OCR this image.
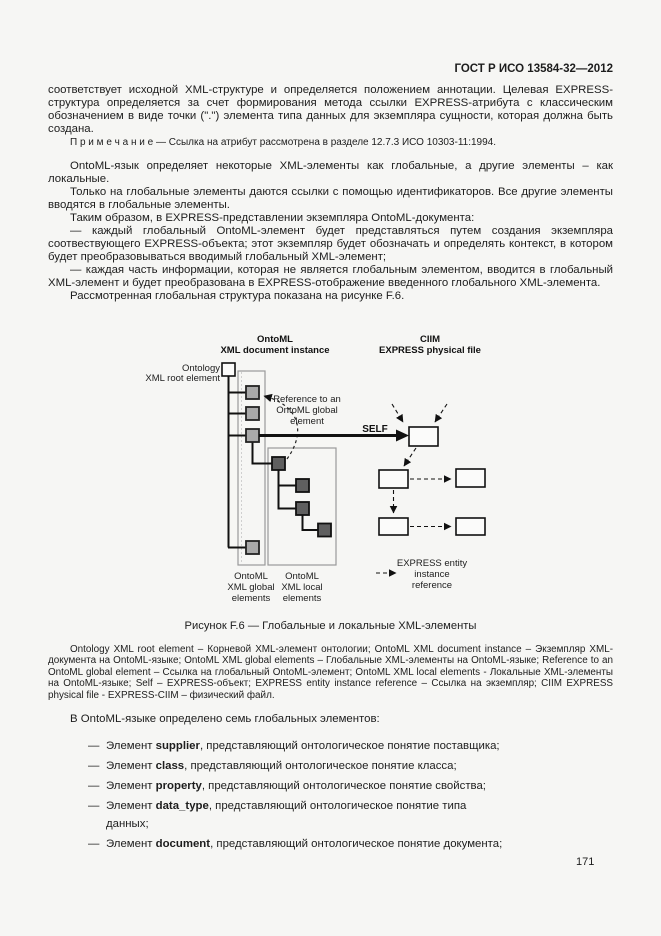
ГОСТ Р ИСО 13584-32—2012

соответствует исходной XML-структуре и определяется положением аннотации. Целевая EXPRESS-структура определяется за счет формирования метода ссылки EXPRESS-атрибута с классическим обозначением в виде точки (".") элемента типа данных для экземпляра сущности, которая должна быть создана.

П р и м е ч а н и е — Ссылка на атрибут рассмотрена в разделе 12.7.3 ИСО 10303-11:1994.

OntoML-язык определяет некоторые XML-элементы как глобальные, а другие элементы – как локальные.

Только на глобальные элементы даются ссылки с помощью идентификаторов. Все другие элементы вводятся в глобальные элементы.

Таким образом, в EXPRESS-представлении экземпляра OntoML-документа:

— каждый глобальный OntoML-элемент будет представляться путем создания экземпляра соотвествующего EXPRESS-объекта; этот экземпляр будет обозначать и определять контекст, в котором будет преобразовываться вводимый глобальный XML-элемент;

— каждая часть информации, которая не является глобальным элементом, вводится в глобальный XML-элемент и будет преобразована в EXPRESS-отображение введенного глобального XML-элемента.

Рассмотренная глобальная структура показана на рисунке F.6.

OntoML
XML document instance
CIIM
EXPRESS physical file
Ontology
XML root element
Reference to an
OntoML global
element
SELF
OntoML
XML global
elements
OntoML
XML local
elements
EXPRESS entity
instance
reference
Рисунок F.6 — Глобальные и локальные XML-элементы
Ontology XML root element – Корневой XML-элемент онтологии; OntoML XML document instance – Экземпляр XML-документа на OntoML-языке; OntoML XML global elements – Глобальные XML-элементы на OntoML-языке; Reference to an OntoML global element – Ссылка на глобальный OntoML-элемент; OntoML XML local elements - Локальные XML-элементы на OntoML-языке; Self – EXPRESS-объект; EXPRESS entity instance reference – Ссылка на экземпляр; CIIM EXPRESS physical file - EXPRESS-CIIM – физический файл.
В OntoML-языке определено семь глобальных элементов:
— Элемент supplier, представляющий онтологическое понятие поставщика;
— Элемент class, представляющий онтологическое понятие класса;
— Элемент property, представляющий онтологическое понятие свойства;
— Элемент data_type, представляющий онтологическое понятие типа
данных;
— Элемент document, представляющий онтологическое понятие документа;
171
